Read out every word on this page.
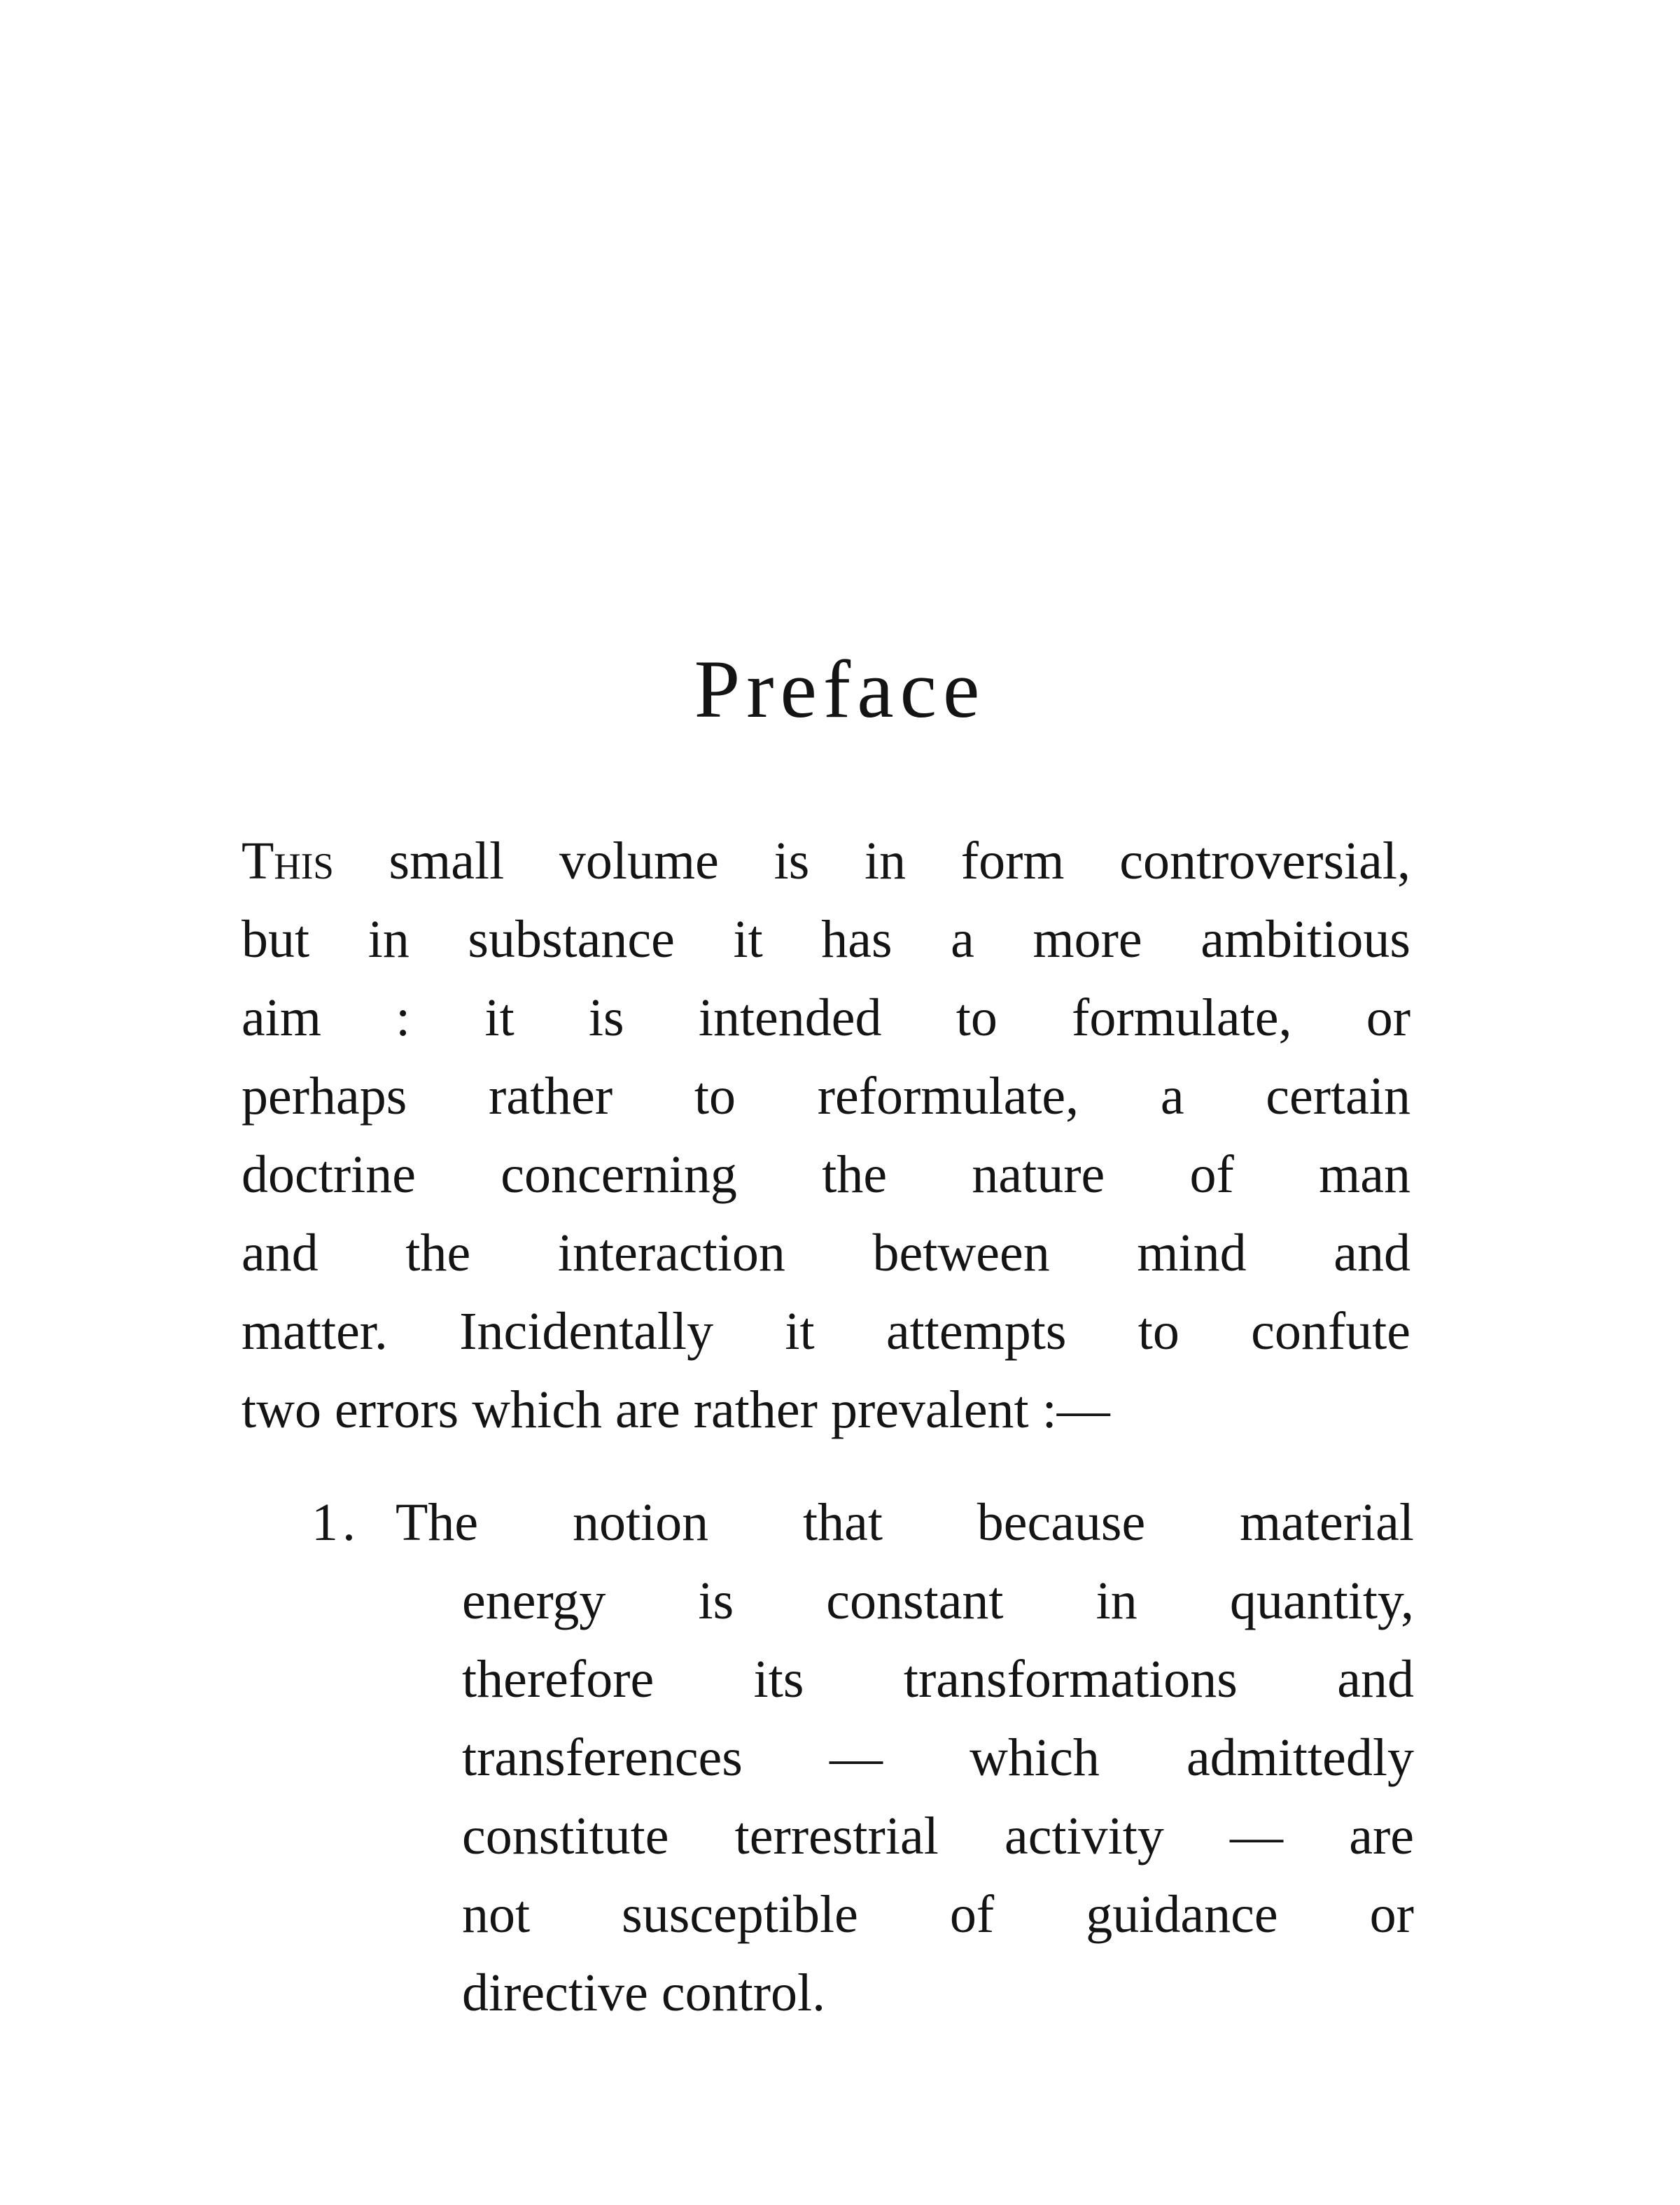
Preface
This small volume is in form controversial,
but in substance it has a more ambitious
aim : it is intended to formulate, or
perhaps rather to reformulate, a certain
doctrine concerning the nature of man
and the interaction between mind and
matter. Incidentally it attempts to confute
two errors which are rather prevalent :—
1. The notion that because material
energy is constant in quantity,
therefore its transformations and
transferences — which admittedly
constitute terrestrial activity — are
not susceptible of guidance or
directive control.
